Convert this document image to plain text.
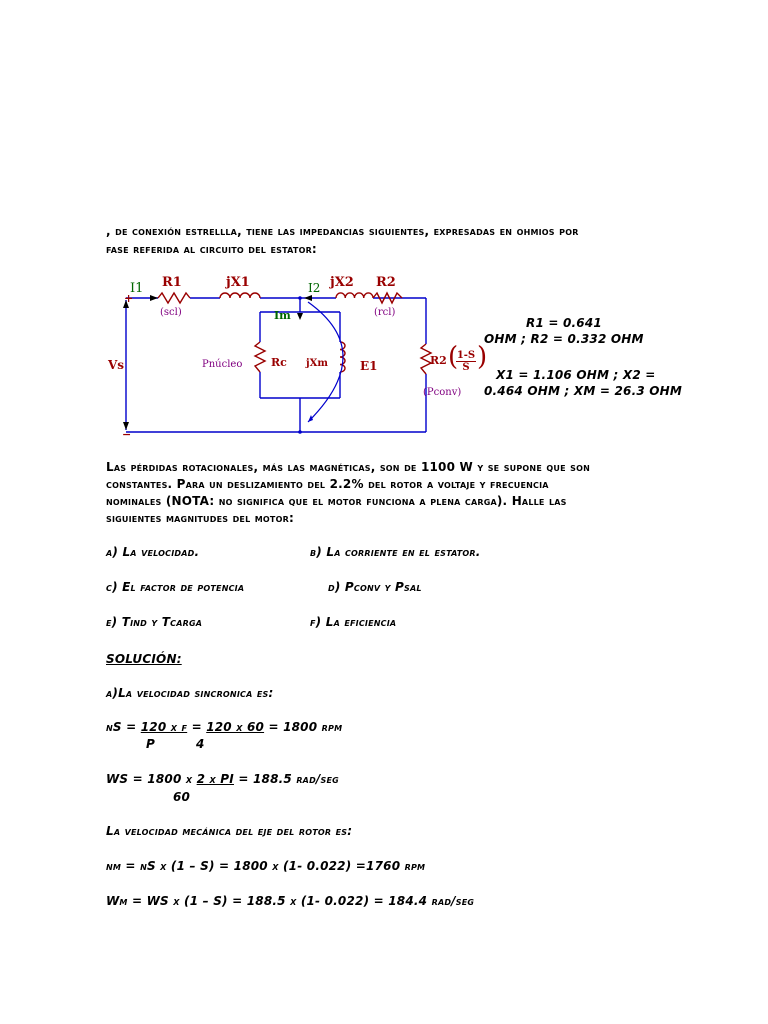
, de conexión estrellla, tiene las impedancias siguientes, expresadas en ohmios por
fase referida al circuito del estator:
I1 R1	jX1	I2 jX2 R2
(scl)	(rcl)
Im
Pnúcleo	Rc jXm	E1
Vs	R2
(Pconv)
+
−
(
$\frac{1-S}{S}$ )
R1 = 0.641
OHM ; R2 = 0.332 OHM
X1 = 1.106 OHM ; X2 =
0.464 OHM ; XM = 26.3 OHM
Las pérdidas rotacionales, más las magnéticas, son de 1100 W y se supone que son
constantes. Para un deslizamiento del 2.2% del rotor a voltaje y frecuencia
nominales (NOTA: no significa que el motor funciona a plena carga). Halle las
siguientes magnitudes del motor:
a) La velocidad.	b) La corriente en el estator.
c) El factor de potencia	d) Pconv y Psal
e) Tind y Tcarga	f) La eficiencia
SOLUCIÓN:
a)La velocidad sincronica es:
nS = 120 x f = 120 x 60 = 1800 rpm
P	4
WS = 1800 x 2 x PI = 188.5 rad/seg
60
La velocidad mecánica del eje del rotor es:
nm = nS x (1 – S) = 1800 x (1- 0.022) =1760 rpm
Wm = WS x (1 – S) = 188.5 x (1- 0.022) = 184.4 rad/seg
